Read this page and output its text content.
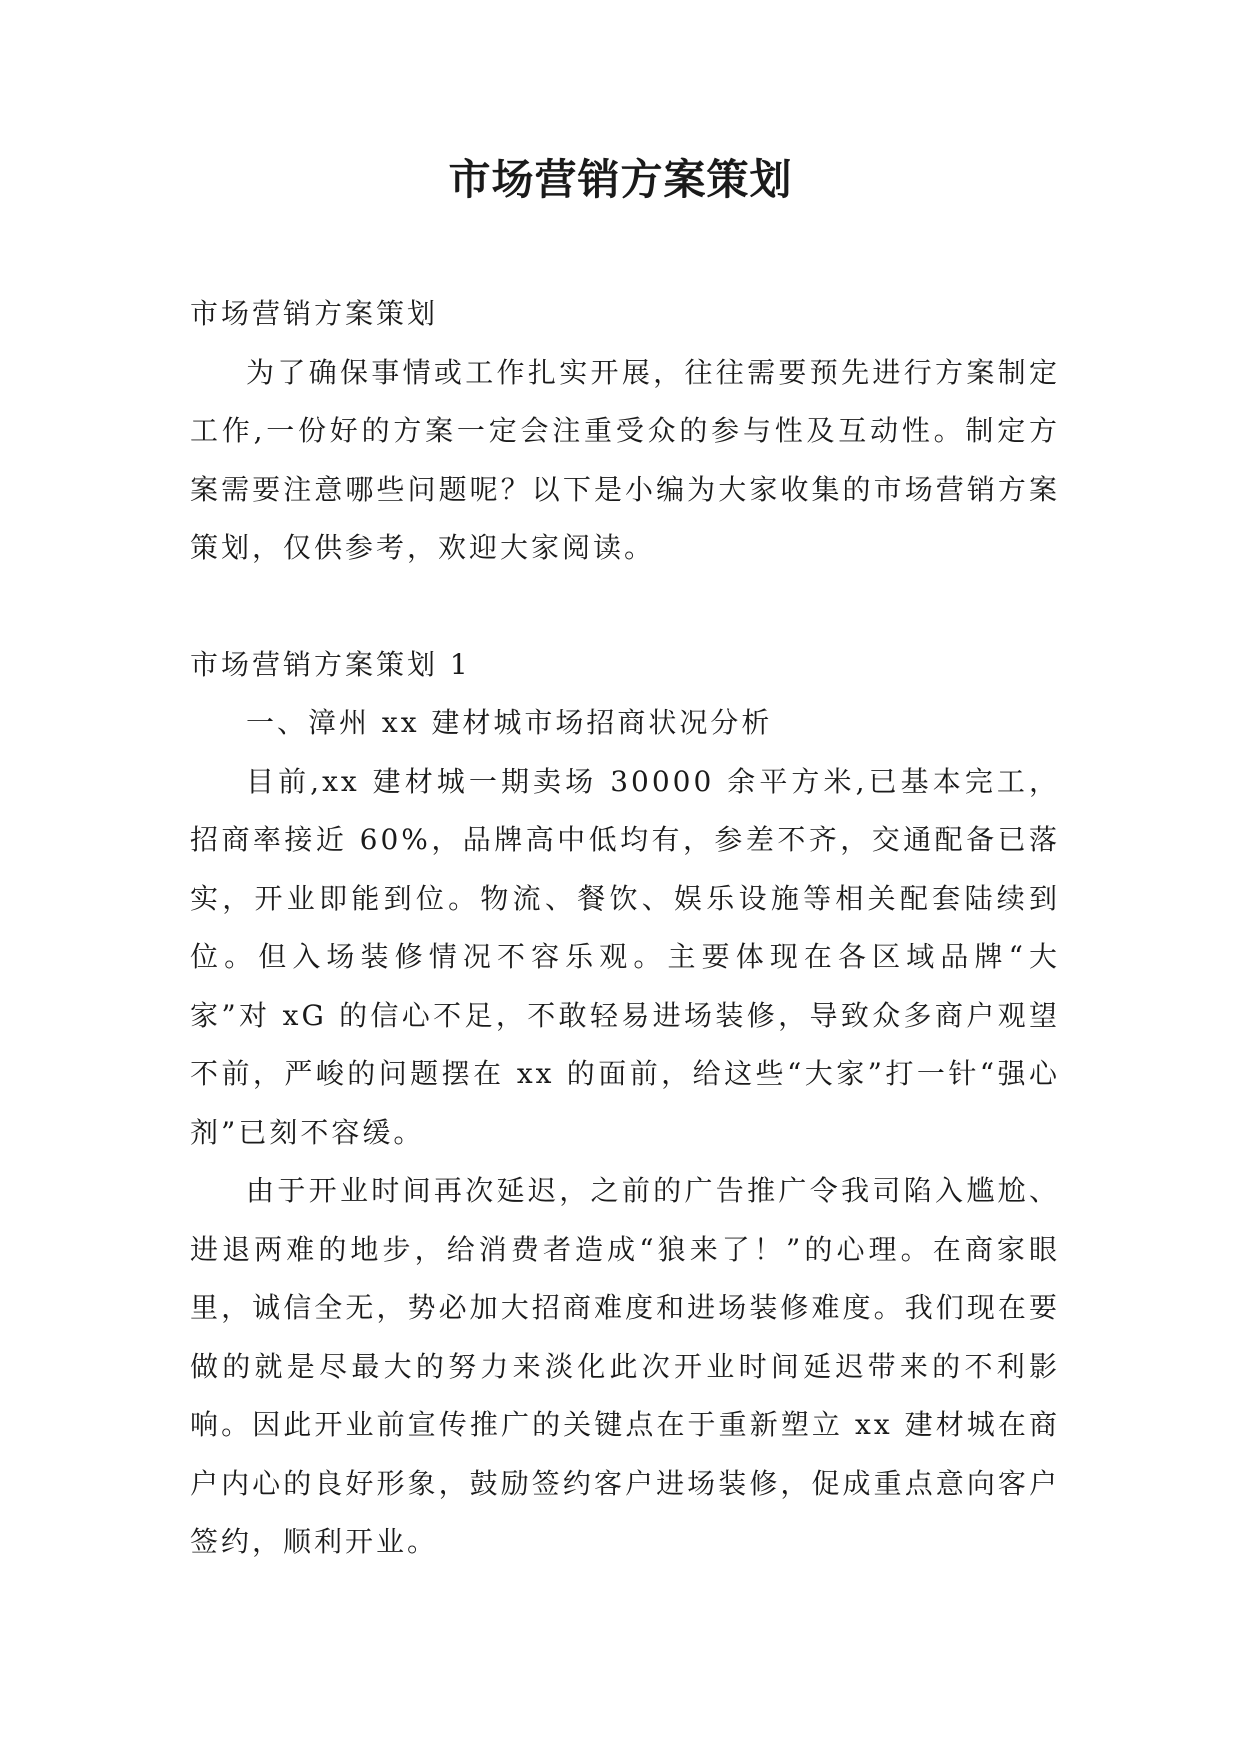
市场营销方案策划

市场营销方案策划

为了确保事情或工作扎实开展，往往需要预先进行方案制定工作,一份好的方案一定会注重受众的参与性及互动性。制定方案需要注意哪些问题呢？以下是小编为大家收集的市场营销方案策划，仅供参考，欢迎大家阅读。

市场营销方案策划 1

一、漳州 xx 建材城市场招商状况分析

目前,xx 建材城一期卖场 30000 余平方米,已基本完工，招商率接近 60%，品牌高中低均有，参差不齐，交通配备已落实，开业即能到位。物流、餐饮、娱乐设施等相关配套陆续到位。但入场装修情况不容乐观。主要体现在各区域品牌“大家”对 xG 的信心不足，不敢轻易进场装修，导致众多商户观望不前，严峻的问题摆在 xx 的面前，给这些“大家”打一针“强心剂”已刻不容缓。

由于开业时间再次延迟，之前的广告推广令我司陷入尴尬、进退两难的地步，给消费者造成“狼来了！”的心理。在商家眼里，诚信全无，势必加大招商难度和进场装修难度。我们现在要做的就是尽最大的努力来淡化此次开业时间延迟带来的不利影响。因此开业前宣传推广的关键点在于重新塑立 xx 建材城在商户内心的良好形象，鼓励签约客户进场装修，促成重点意向客户签约，顺利开业。
